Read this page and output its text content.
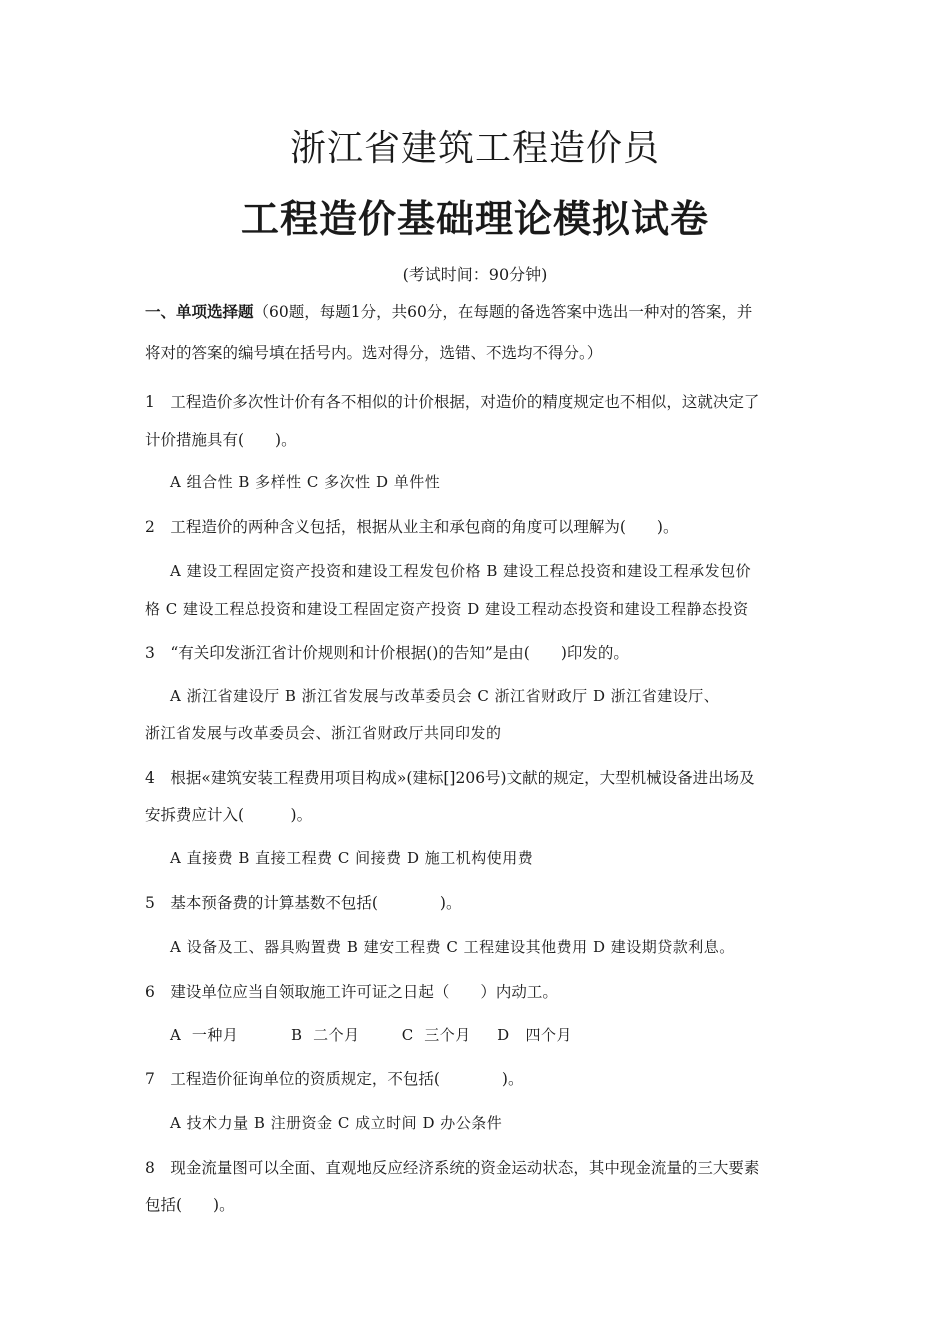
浙江省建筑工程造价员
工程造价基础理论模拟试卷
(考试时间：90分钟)
一、单项选择题（60题，每题1分，共60分，在每题的备选答案中选出一种对的答案，并
将对的答案的编号填在括号内。选对得分，选错、不选均不得分。）
1　工程造价多次性计价有各不相似的计价根据，对造价的精度规定也不相似，这就决定了
计价措施具有(　　)。
A 组合性 B 多样性 C 多次性 D 单件性
2　工程造价的两种含义包括，根据从业主和承包商的角度可以理解为(　　)。
A 建设工程固定资产投资和建设工程发包价格 B 建设工程总投资和建设工程承发包价
格 C 建设工程总投资和建设工程固定资产投资 D 建设工程动态投资和建设工程静态投资
3　“有关印发浙江省计价规则和计价根据()的告知”是由(　　)印发的。
A 浙江省建设厅 B 浙江省发展与改革委员会 C 浙江省财政厅 D 浙江省建设厅、
浙江省发展与改革委员会、浙江省财政厅共同印发的
4　根据«建筑安装工程费用项目构成»(建标[]206号)文献的规定，大型机械设备进出场及
安拆费应计入(　　　)。
A 直接费 B 直接工程费 C 间接费 D 施工机构使用费
5　基本预备费的计算基数不包括(　　　　)。
A 设备及工、器具购置费 B 建安工程费 C 工程建设其他费用 D 建设期贷款利息。
6　建设单位应当自领取施工许可证之日起（　　）内动工。
A  一种月          B  二个月        C  三个月     D   四个月
7　工程造价征询单位的资质规定，不包括(　　　　)。
A 技术力量 B 注册资金 C 成立时间 D 办公条件
8　现金流量图可以全面、直观地反应经济系统的资金运动状态，其中现金流量的三大要素
包括(　　)。
